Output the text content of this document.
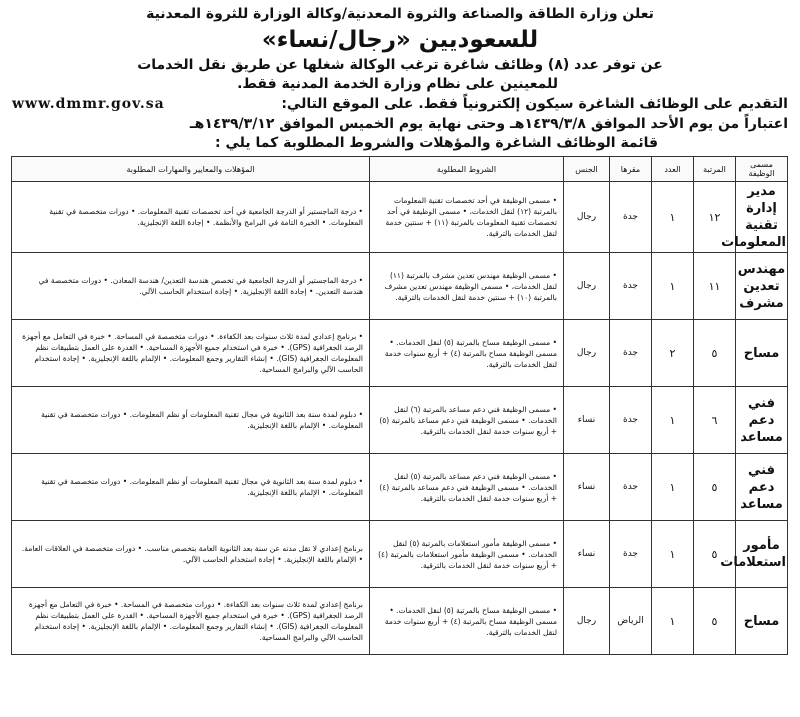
تعلن وزارة الطاقة والصناعة والثروة المعدنية/وكالة الوزارة للثروة المعدنية
للسعوديين «رجال/نساء»
عن توفر عدد (٨) وظائف شاغرة ترغب الوكالة شغلها عن طريق نقل الخدمات
للمعينين على نظام وزارة الخدمة المدنية فقط.
التقديم على الوظائف الشاغرة سيكون إلكترونياً فقط. على الموقع التالي:
www.dmmr.gov.sa
اعتباراً من يوم الأحد الموافق ١٤٣٩/٣/٨هـ وحتى نهاية يوم الخميس الموافق ١٤٣٩/٣/١٢هـ
قائمة الوظائف الشاغرة والمؤهلات والشروط المطلوبة كما يلي :
مسمى الوظيفة	المرتبة	العدد	مقرها	الجنس	الشروط المطلوبة	المؤهلات والمعايير والمهارات المطلوبة
مدير إدارة تقنية المعلومات	١٢	١	جدة	رجال	• مسمى الوظيفة في أحد تخصصات تقنية المعلومات بالمرتبة (١٢) لنقل الخدمات، • مسمى الوظيفة في أحد تخصصات تقنية المعلومات بالمرتبة (١١) + سنتين خدمة لنقل الخدمات بالترقية.	• درجة الماجستير أو الدرجة الجامعية في أحد تخصصات تقنية المعلومات. • دورات متخصصة في تقنية المعلومات. • الخبرة التامة في البرامج والأنظمة. • إجادة اللغة الإنجليزية.
مهندس تعدين مشرف	١١	١	جدة	رجال	• مسمى الوظيفة مهندس تعدين مشرف بالمرتبة (١١) لنقل الخدمات، • مسمى الوظيفة مهندس تعدين مشرف بالمرتبة (١٠) + سنتين خدمة لنقل الخدمات بالترقية.	• درجة الماجستير أو الدرجة الجامعية في تخصص هندسة التعدين/ هندسة المعادن. • دورات متخصصة في هندسة التعدين. • إجادة اللغة الإنجليزية. • إجادة استخدام الحاسب الآلي.
مساح	٥	٢	جدة	رجال	• مسمى الوظيفة مساح بالمرتبة (٥) لنقل الخدمات. • مسمى الوظيفة مساح بالمرتبة (٤) + أربع سنوات خدمة لنقل الخدمات بالترقية.	• برنامج إعدادي لمدة ثلاث سنوات بعد الكفاءة. • دورات متخصصة في المساحة. • خبرة في التعامل مع أجهزة الرصد الجغرافية (GPS). • خبرة في استخدام جميع الأجهزة المساحية. • القدرة على العمل بتطبيقات نظم المعلومات الجغرافية (GIS). • إنشاء التقارير وجمع المعلومات. • الإلمام باللغة الإنجليزية. • إجادة استخدام الحاسب الآلي والبرامج المساحية.
فني دعم مساعد	٦	١	جدة	نساء	• مسمى الوظيفة فني دعم مساعد بالمرتبة (٦) لنقل الخدمات. • مسمى الوظيفة فني دعم مساعد بالمرتبة (٥) + أربع سنوات خدمة لنقل الخدمات بالترقية.	• دبلوم لمدة سنة بعد الثانوية في مجال تقنية المعلومات أو نظم المعلومات. • دورات متخصصة في تقنية المعلومات. • الإلمام باللغة الإنجليزية.
فني دعم مساعد	٥	١	جدة	نساء	• مسمى الوظيفة فني دعم مساعد بالمرتبة (٥) لنقل الخدمات. • مسمى الوظيفة فني دعم مساعد بالمرتبة (٤) + أربع سنوات خدمة لنقل الخدمات بالترقية.	• دبلوم لمدة سنة بعد الثانوية في مجال تقنية المعلومات أو نظم المعلومات. • دورات متخصصة في تقنية المعلومات. • الإلمام باللغة الإنجليزية.
مأمور استعلامات	٥	١	جدة	نساء	• مسمى الوظيفة مأمور استعلامات بالمرتبة (٥) لنقل الخدمات. • مسمى الوظيفة مأمور استعلامات بالمرتبة (٤) + أربع سنوات خدمة لنقل الخدمات بالترقية.	برنامج إعدادي لا تقل مدته عن سنة بعد الثانوية العامة بتخصص مناسب. • دورات متخصصة في العلاقات العامة. • الإلمام باللغة الإنجليزية. • إجادة استخدام الحاسب الآلي.
مساح	٥	١	الرياض	رجال	• مسمى الوظيفة مساح بالمرتبة (٥) لنقل الخدمات. • مسمى الوظيفة مساح بالمرتبة (٤) + أربع سنوات خدمة لنقل الخدمات بالترقية.	برنامج إعدادي لمدة ثلاث سنوات بعد الكفاءة. • دورات متخصصة في المساحة. • خبرة في التعامل مع أجهزة الرصد الجغرافية (GPS). • خبرة في استخدام جميع الأجهزة المساحية. • القدرة على العمل بتطبيقات نظم المعلومات الجغرافية (GIS). • إنشاء التقارير وجمع المعلومات. • الإلمام باللغة الإنجليزية. • إجادة استخدام الحاسب الآلي والبرامج المساحية.
